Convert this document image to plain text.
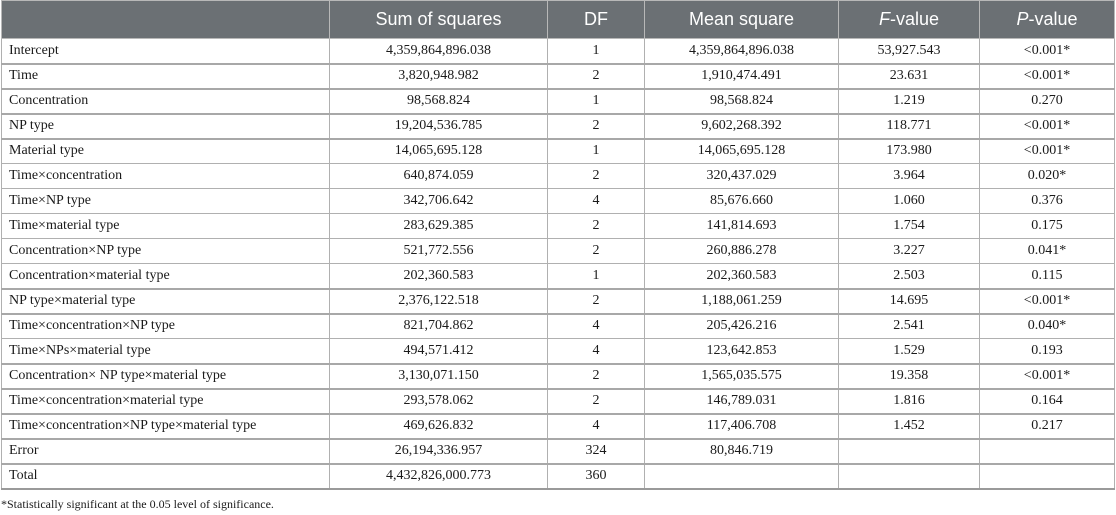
	Sum of squares	DF	Mean square	F-value	P-value
Intercept	4,359,864,896.038	1	4,359,864,896.038	53,927.543	<0.001*
Time	3,820,948.982	2	1,910,474.491	23.631	<0.001*
Concentration	98,568.824	1	98,568.824	1.219	0.270
NP type	19,204,536.785	2	9,602,268.392	118.771	<0.001*
Material type	14,065,695.128	1	14,065,695.128	173.980	<0.001*
Time×concentration	640,874.059	2	320,437.029	3.964	0.020*
Time×NP type	342,706.642	4	85,676.660	1.060	0.376
Time×material type	283,629.385	2	141,814.693	1.754	0.175
Concentration×NP type	521,772.556	2	260,886.278	3.227	0.041*
Concentration×material type	202,360.583	1	202,360.583	2.503	0.115
NP type×material type	2,376,122.518	2	1,188,061.259	14.695	<0.001*
Time×concentration×NP type	821,704.862	4	205,426.216	2.541	0.040*
Time×NPs×material type	494,571.412	4	123,642.853	1.529	0.193
Concentration× NP type×material type	3,130,071.150	2	1,565,035.575	19.358	<0.001*
Time×concentration×material type	293,578.062	2	146,789.031	1.816	0.164
Time×concentration×NP type×material type	469,626.832	4	117,406.708	1.452	0.217
Error	26,194,336.957	324	80,846.719		
Total	4,432,826,000.773	360			
*Statistically significant at the 0.05 level of significance.
